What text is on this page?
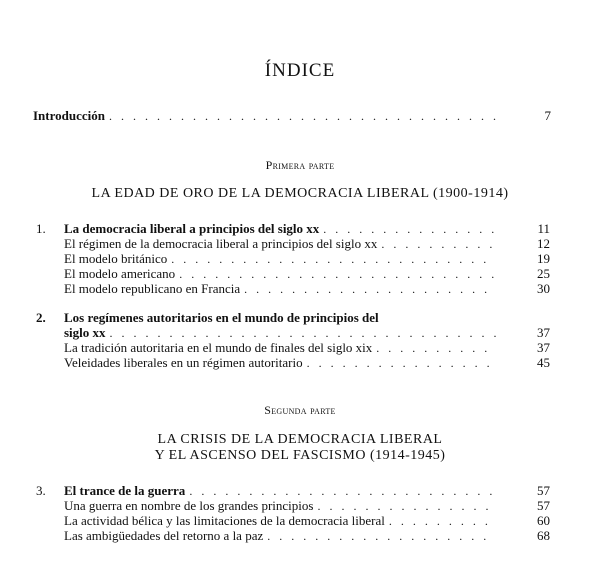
ÍNDICE
Introducción . . .	7
Primera parte
LA EDAD DE ORO DE LA DEMOCRACIA LIBERAL (1900-1914)
1. La democracia liberal a principios del siglo xx . . .	11
El régimen de la democracia liberal a principios del siglo xx . . .	12
El modelo británico . . .	19
El modelo americano . . .	25
El modelo republicano en Francia . . .	30
2. Los regímenes autoritarios en el mundo de principios del
siglo xx . . .	37
La tradición autoritaria en el mundo de finales del siglo xix . . .	37
Veleidades liberales en un régimen autoritario . . .	45
Segunda parte
LA CRISIS DE LA DEMOCRACIA LIBERAL
Y EL ASCENSO DEL FASCISMO (1914-1945)
3. El trance de la guerra . . .	57
Una guerra en nombre de los grandes principios . . .	57
La actividad bélica y las limitaciones de la democracia liberal . . .	60
Las ambigüedades del retorno a la paz . . .	68
